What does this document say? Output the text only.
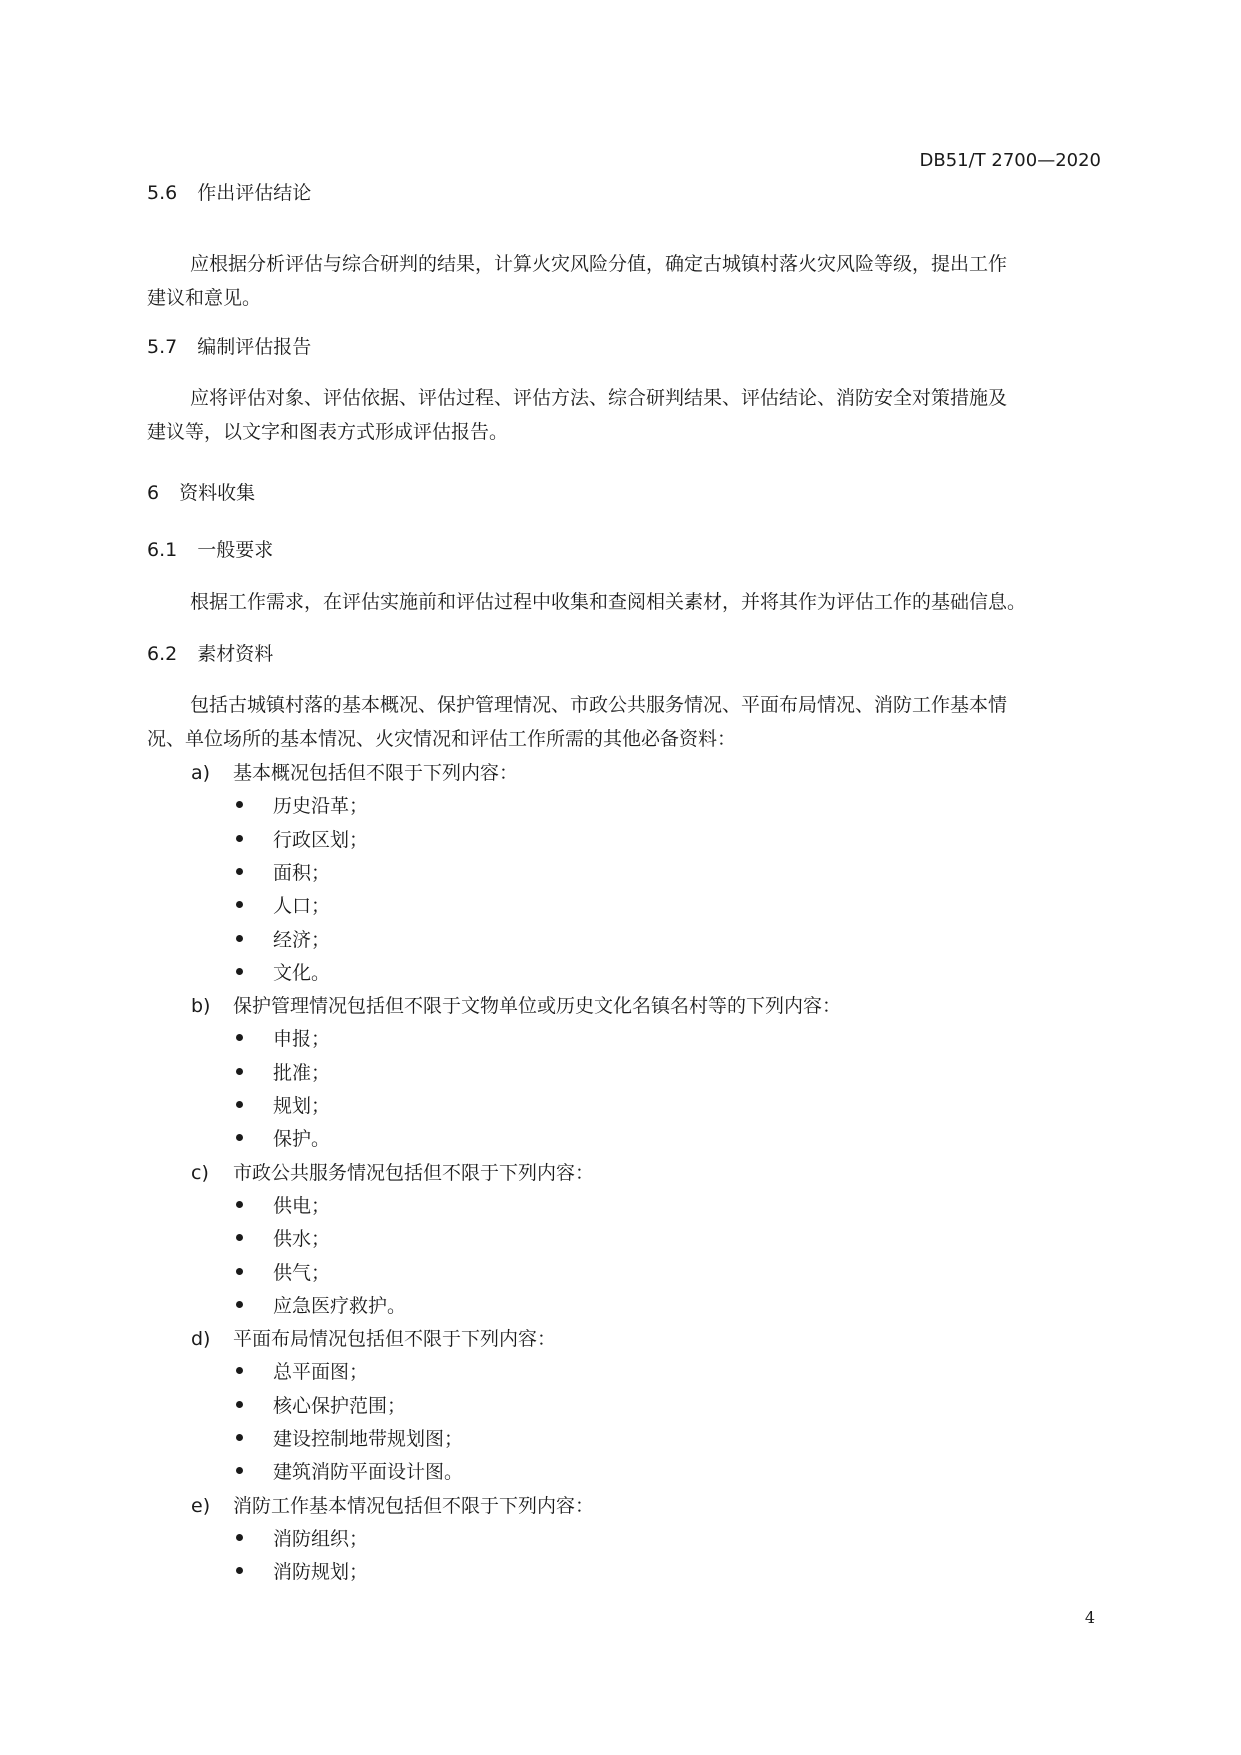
DB51/T 2700—2020
5.6 作出评估结论

应根据分析评估与综合研判的结果，计算火灾风险分值，确定古城镇村落火灾风险等级，提出工作

建议和意见。

5.7 编制评估报告

应将评估对象、评估依据、评估过程、评估方法、综合研判结果、评估结论、消防安全对策措施及

建议等，以文字和图表方式形成评估报告。

6 资料收集
6.1 一般要求

根据工作需求，在评估实施前和评估过程中收集和查阅相关素材，并将其作为评估工作的基础信息。

6.2 素材资料

包括古城镇村落的基本概况、保护管理情况、市政公共服务情况、平面布局情况、消防工作基本情

况、单位场所的基本情况、火灾情况和评估工作所需的其他必备资料：

a) 基本概况包括但不限于下列内容：
历史沿革；
行政区划；
面积；
人口；
经济；
文化。
b) 保护管理情况包括但不限于文物单位或历史文化名镇名村等的下列内容：
申报；
批准；
规划；
保护。
c) 市政公共服务情况包括但不限于下列内容：
供电；
供水；
供气；
应急医疗救护。
d) 平面布局情况包括但不限于下列内容：
总平面图；
核心保护范围；
建设控制地带规划图；
建筑消防平面设计图。
e) 消防工作基本情况包括但不限于下列内容：
消防组织；
消防规划；
4
